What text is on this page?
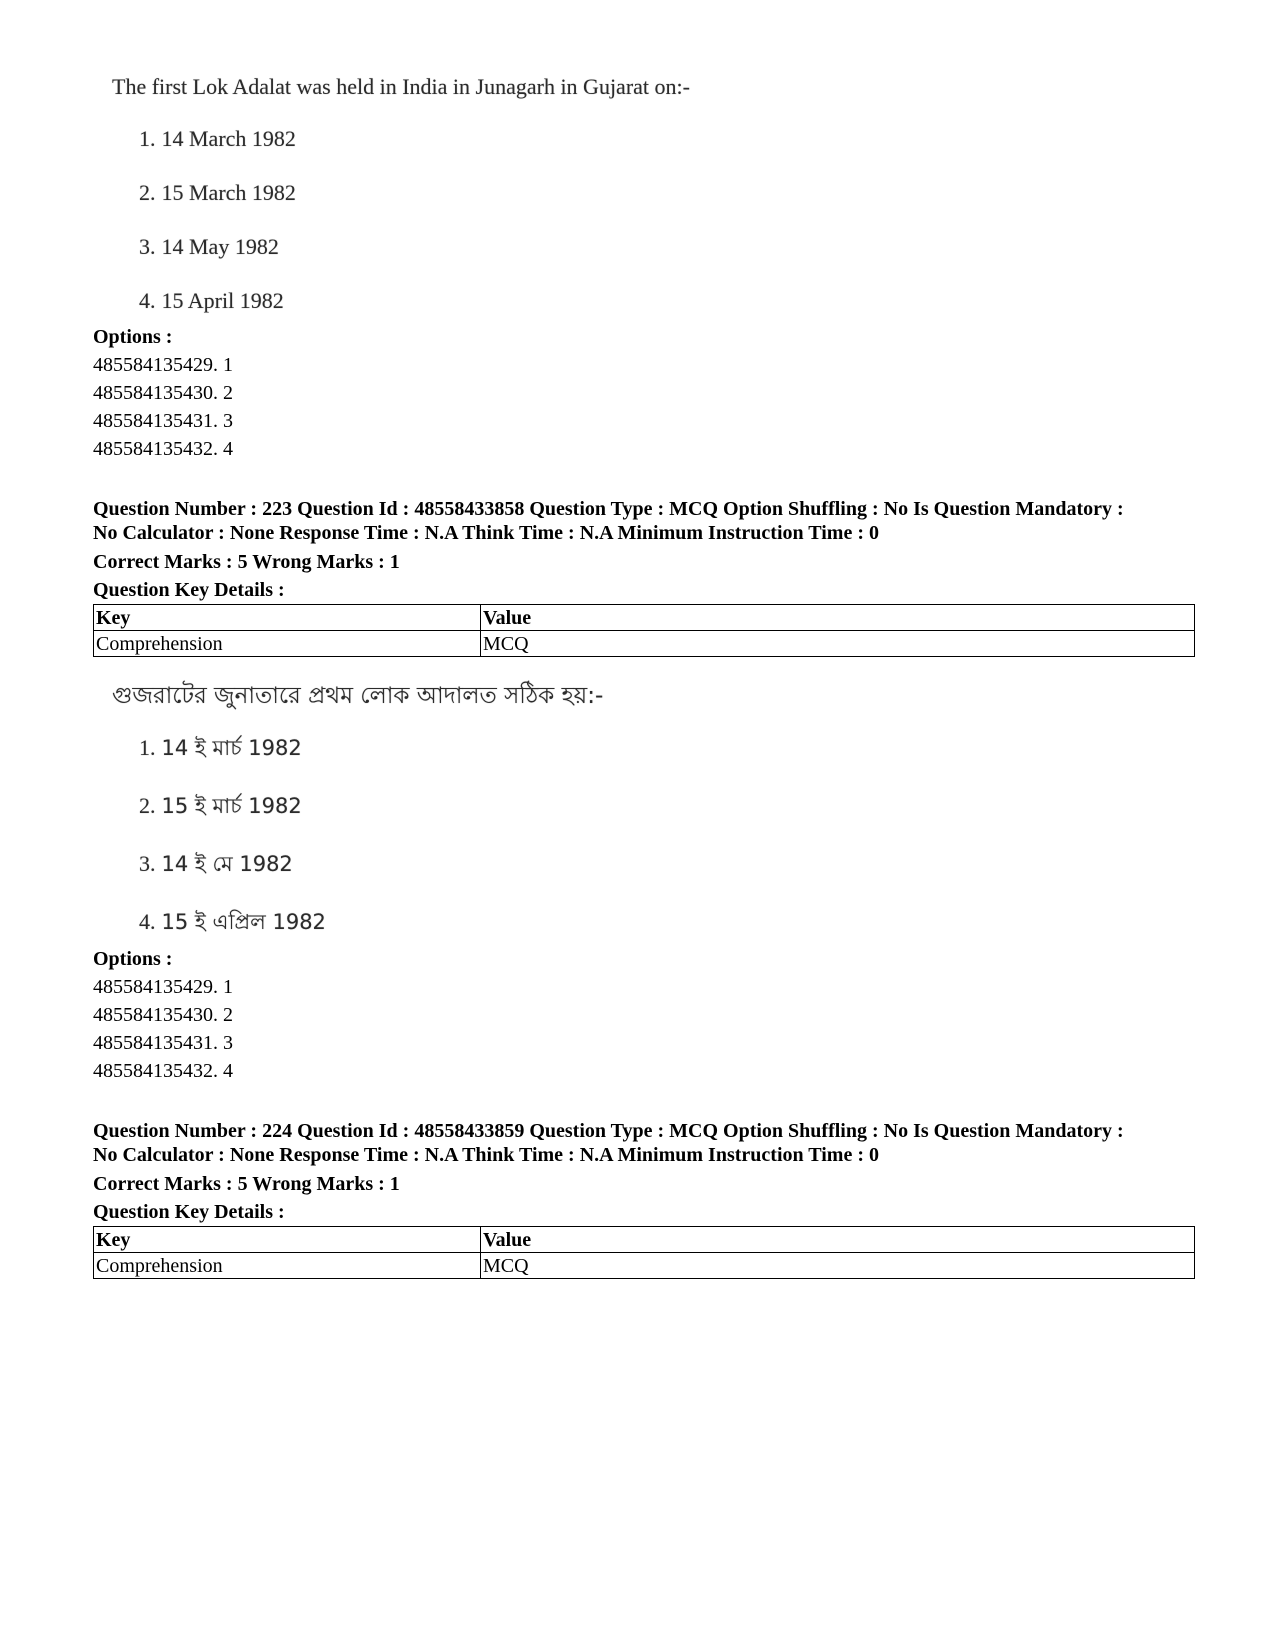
The first Lok Adalat was held in India in Junagarh in Gujarat on:-

1. 14 March 1982
2. 15 March 1982
3. 14 May 1982
4. 15 April 1982
Options :
485584135429. 1
485584135430. 2
485584135431. 3
485584135432. 4

Question Number : 223 Question Id : 48558433858 Question Type : MCQ Option Shuffling : No Is Question Mandatory :

No Calculator : None Response Time : N.A Think Time : N.A Minimum Instruction Time : 0

Correct Marks : 5 Wrong Marks : 1

Question Key Details :

Key	Value
Comprehension	MCQ

গুজরাটের জুনাতারে প্রথম লোক আদালত সঠিক হয়:-

1. 14 ই মার্চ 1982
2. 15 ই মার্চ 1982
3. 14 ই মে 1982
4. 15 ই এপ্রিল 1982
Options :
485584135429. 1
485584135430. 2
485584135431. 3
485584135432. 4

Question Number : 224 Question Id : 48558433859 Question Type : MCQ Option Shuffling : No Is Question Mandatory :

No Calculator : None Response Time : N.A Think Time : N.A Minimum Instruction Time : 0

Correct Marks : 5 Wrong Marks : 1

Question Key Details :

Key	Value
Comprehension	MCQ
